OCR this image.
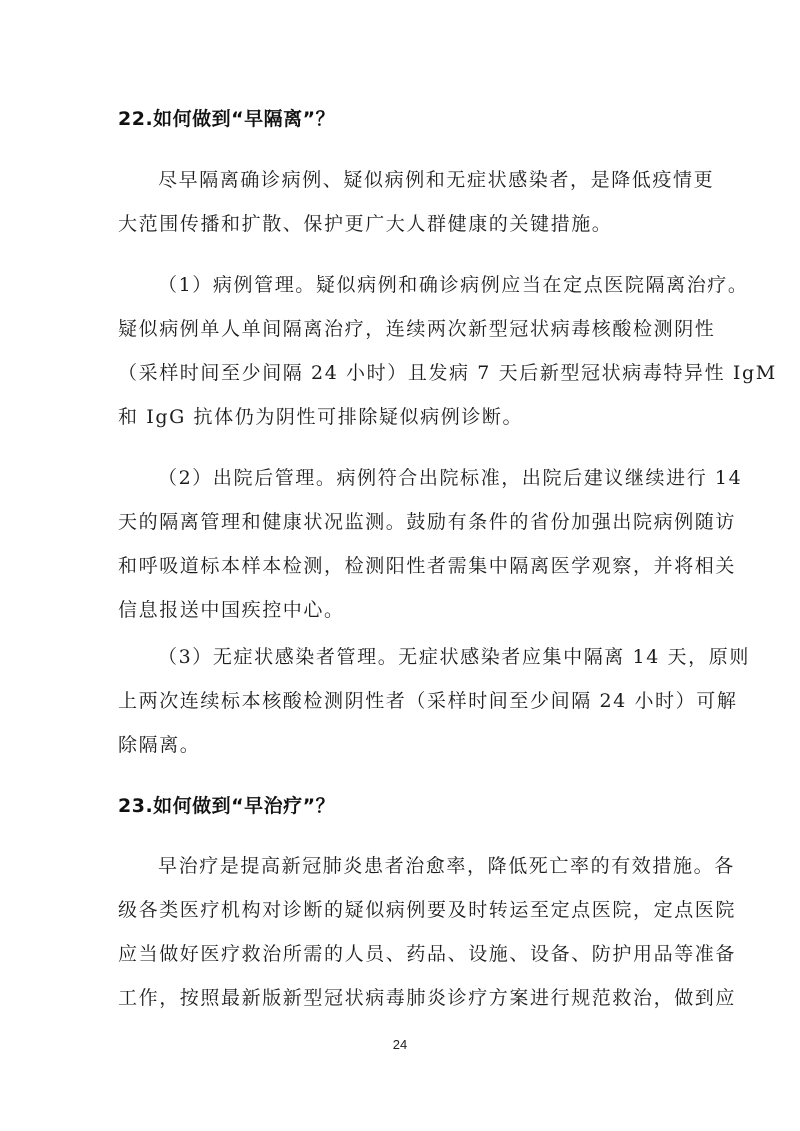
22.如何做到“早隔离”？
尽早隔离确诊病例、疑似病例和无症状感染者，是降低疫情更
大范围传播和扩散、保护更广大人群健康的关键措施。
（1）病例管理。疑似病例和确诊病例应当在定点医院隔离治疗。
疑似病例单人单间隔离治疗，连续两次新型冠状病毒核酸检测阴性
（采样时间至少间隔 24 小时）且发病 7 天后新型冠状病毒特异性 IgM
和 IgG 抗体仍为阴性可排除疑似病例诊断。
（2）出院后管理。病例符合出院标准，出院后建议继续进行 14
天的隔离管理和健康状况监测。鼓励有条件的省份加强出院病例随访
和呼吸道标本样本检测，检测阳性者需集中隔离医学观察，并将相关
信息报送中国疾控中心。
（3）无症状感染者管理。无症状感染者应集中隔离 14 天，原则
上两次连续标本核酸检测阴性者（采样时间至少间隔 24 小时）可解
除隔离。
23.如何做到“早治疗”？
早治疗是提高新冠肺炎患者治愈率，降低死亡率的有效措施。各
级各类医疗机构对诊断的疑似病例要及时转运至定点医院，定点医院
应当做好医疗救治所需的人员、药品、设施、设备、防护用品等准备
工作，按照最新版新型冠状病毒肺炎诊疗方案进行规范救治，做到应
24
